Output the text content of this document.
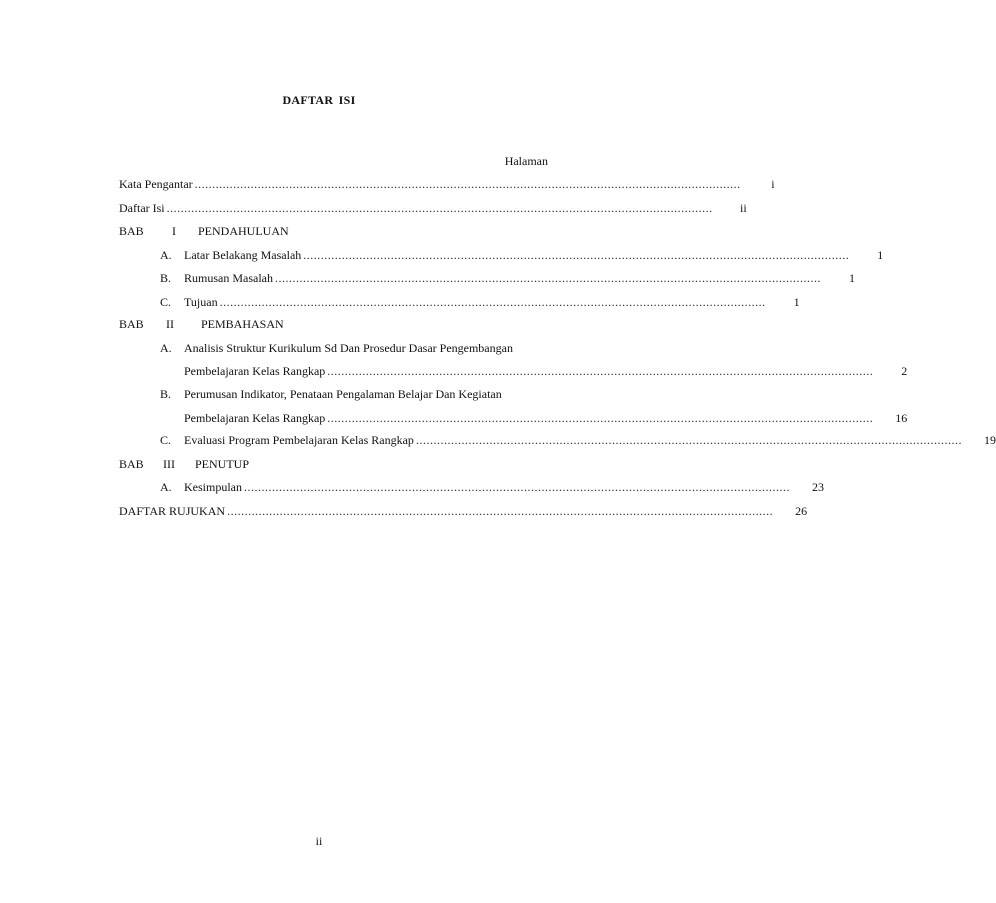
DAFTAR ISI
Halaman
Kata Pengantar ............................................................................................................................................................	i
Daftar Isi ............................................................................................................................................................	ii
BAB I PENDAHULUAN
A. Latar Belakang Masalah ............................................................................................................................................................	1
B. Rumusan Masalah ............................................................................................................................................................	1
C. Tujuan ............................................................................................................................................................	1
BAB II PEMBAHASAN
A. Analisis Struktur Kurikulum Sd Dan Prosedur Dasar Pengembangan
Pembelajaran Kelas Rangkap ............................................................................................................................................................	2
B. Perumusan Indikator, Penataan Pengalaman Belajar Dan Kegiatan
Pembelajaran Kelas Rangkap ............................................................................................................................................................	16
C. Evaluasi Program Pembelajaran Kelas Rangkap ............................................................................................................................................................	19
BAB III PENUTUP
A. Kesimpulan ............................................................................................................................................................	23
DAFTAR RUJUKAN ............................................................................................................................................................	26
ii
